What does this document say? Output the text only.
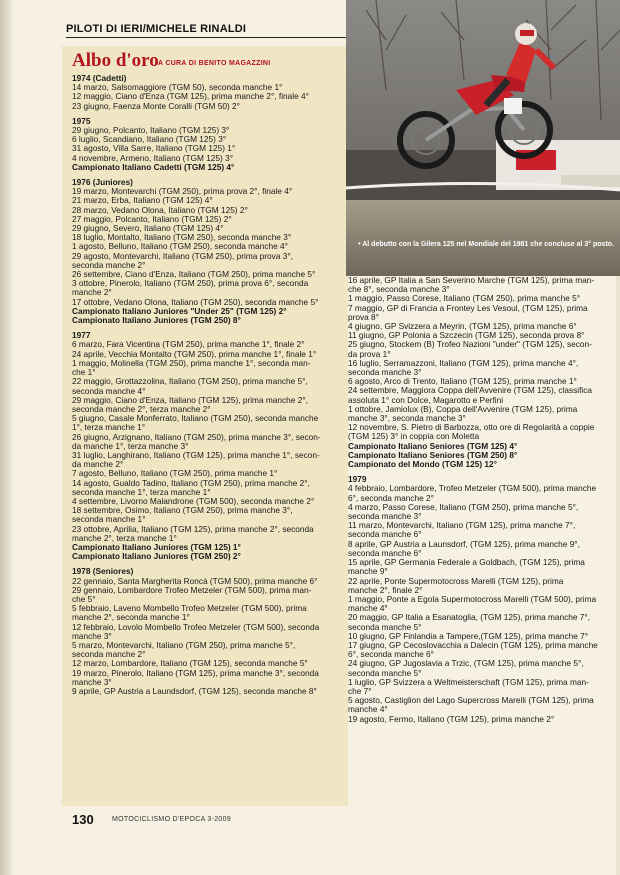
PILOTI DI IERI/MICHELE RINALDI
Albo d'oro A CURA DI BENITO MAGAZZINI
1974 (Cadetti)
14 marzo, Salsomaggiore (TGM 50), seconda manche 1°
12 maggio, Ciano d'Enza (TGM 125), prima manche 2°, finale 4°
23 giugno, Faenza Monte Coralli (TGM 50) 2°
1975
29 giugno, Polcanto, Italiano (TGM 125) 3°
6 luglio, Scandiano, Italiano (TGM 125) 3°
31 agosto, Villa Sarre, Italiano (TGM 125) 1°
4 novembre, Armeno, Italiano (TGM 125) 3°
Campionato Italiano Cadetti (TGM 125) 4°
1976 (Juniores)
19 marzo, Montevarchi (TGM 250), prima prova 2°, finale 4°
21 marzo, Erba, Italiano (TGM 125) 4°
28 marzo, Vedano Olona, Italiano (TGM 125) 2°
27 maggio, Polcanto, Italiano (TGM 125) 2°
29 giugno, Severo, Italiano (TGM 125) 4°
18 luglio, Montalto, Italiano (TGM 250), seconda manche 3°
1 agosto, Belluno, Italiano (TGM 250), seconda manche 4°
29 agosto, Montevarchi, Italiano (TGM 250), prima prova 3°,
seconda manche 2°
26 settembre, Ciano d'Enza, Italiano (TGM 250), prima manche 5°
3 ottobre, Pinerolo, Italiano (TGM 250), prima prova 6°, seconda
manche 2°
17 ottobre, Vedano Olona, Italiano (TGM 250), seconda manche 5°
Campionato Italiano Juniores "Under 25" (TGM 125) 2°
Campionato Italiano Juniores (TGM 250) 8°
1977
6 marzo, Fara Vicentina (TGM 250), prima manche 1°, finale 2°
24 aprile, Vecchia Montalto (TGM 250), prima manche 1°, finale 1°
1 maggio, Molinella (TGM 250), prima manche 1°, seconda man-
che 1°
22 maggio, Grottazzolina, Italiano (TGM 250), prima manche 5°,
seconda manche 4°
29 maggio, Ciano d'Enza, Italiano (TGM 125), prima manche 2°,
seconda manche 2°, terza manche 2°
5 giugno, Casale Monferrato, Italiano (TGM 250), seconda manche
1°, terza manche 1°
26 giugno, Arzignano, Italiano (TGM 250), prima manche 3°, secon-
da manche 1°, terza manche 3°
31 luglio, Langhirano, Italiano (TGM 125), prima manche 1°, secon-
da manche 2°
7 agosto, Belluno, Italiano (TGM 250), prima manche 1°
14 agosto, Gualdo Tadino, Italiano (TGM 250), prima manche 2°,
seconda manche 1°, terza manche 1°
4 settembre, Livorno Malandrone (TGM 500), seconda manche 2°
18 settembre, Osimo, Italiano (TGM 250), prima manche 3°,
seconda manche 1°
23 ottobre, Aprilia, Italiano (TGM 125), prima manche 2°, seconda
manche 2°, terza manche 1°
Campionato Italiano Juniores (TGM 125) 1°
Campionato Italiano Juniores (TGM 250) 2°
1978 (Seniores)
22 gennaio, Santa Margherita Roncà (TGM 500), prima manche 6°
29 gennaio, Lombardore Trofeo Metzeler (TGM 500), prima man-
che 5°
5 febbraio, Laveno Mombello Trofeo Metzeler (TGM 500), prima
manche 2°, seconda manche 1°
12 febbraio, Lovolo Mombello Trofeo Metzeler (TGM 500), seconda
manche 3°
5 marzo, Montevarchi, Italiano (TGM 250), prima manche 5°,
seconda manche 2°
12 marzo, Lombardore, Italiano (TGM 125), seconda manche 5°
19 marzo, Pinerolo, Italiano (TGM 125), prima manche 3°, seconda
manche 3°
9 aprile, GP Austria a Laundsdorf, (TGM 125), seconda manche 8°
• Al debutto con la Gilera 125 nel Mondiale del 1981 che concluse al 3° posto.
16 aprile, GP Italia a San Severino Marche (TGM 125), prima man-
che 8°, seconda manche 3°
1 maggio, Passo Corese, Italiano (TGM 250), prima manche 5°
7 maggio, GP di Francia a Frontey Les Vesoul, (TGM 125), prima
prova 8°
4 giugno, GP Svizzera a Meyrin, (TGM 125), prima manche 6°
11 giugno, GP Polonia a Szczecin (TGM 125), seconda prova 8°
25 giugno, Stockem (B) Trofeo Nazioni "under" (TGM 125), secon-
da prova 1°
16 luglio, Serramazzoni, Italiano (TGM 125), prima manche 4°,
seconda manche 3°
6 agosto, Arco di Trento, Italiano (TGM 125), prima manche 1°
24 settembre, Maggiora Coppa dell'Avvenire (TGM 125), classifica
assoluta 1° con Dolce, Magarotto e Perfini
1 ottobre, Jamiolux (B), Coppa dell'Avvenire (TGM 125), prima
manche 3°, seconda manche 3°
12 novembre, S. Pietro di Barbozza, otto ore di Regolarità a coppie
(TGM 125) 3° in coppia con Moletta
Campionato Italiano Seniores (TGM 125) 4°
Campionato Italiano Seniores (TGM 250) 8°
Campionato del Mondo (TGM 125) 12°
1979
4 febbraio, Lombardore, Trofeo Metzeler (TGM 500), prima manche
6°, seconda manche 2°
4 marzo, Passo Corese, Italiano (TGM 250), prima manche 5°,
seconda manche 3°
11 marzo, Montevarchi, Italiano (TGM 125), prima manche 7°,
seconda manche 6°
8 aprile, GP Austria a Launsdorf, (TGM 125), prima manche 9°,
seconda manche 6°
15 aprile, GP Germania Federale a Goldbach, (TGM 125), prima
manche 9°
22 aprile, Ponte Supermotocross Marelli (TGM 125), prima
manche 2°, finale 2°
1 maggio, Ponte a Egola Supermotocross Marelli (TGM 500), prima
manche 4°
20 maggio, GP Italia a Esanatoglia, (TGM 125), prima manche 7°,
seconda manche 5°
10 giugno, GP Finlandia a Tampere,(TGM 125), prima manche 7°
17 giugno, GP Cecoslovacchia a Dalecin (TGM 125), prima manche
6°, seconda manche 6°
24 giugno, GP Jugoslavia a Trzic, (TGM 125), prima manche 5°,
seconda manche 5°
1 luglio, GP Svizzera a Weltmeisterschaft (TGM 125), prima man-
che 7°
5 agosto, Castiglion del Lago Supercross Marelli (TGM 125), prima
manche 4°
19 agosto, Fermo, Italiano (TGM 125), prima manche 2°
130	MOTOCICLISMO D'EPOCA 3-2009
